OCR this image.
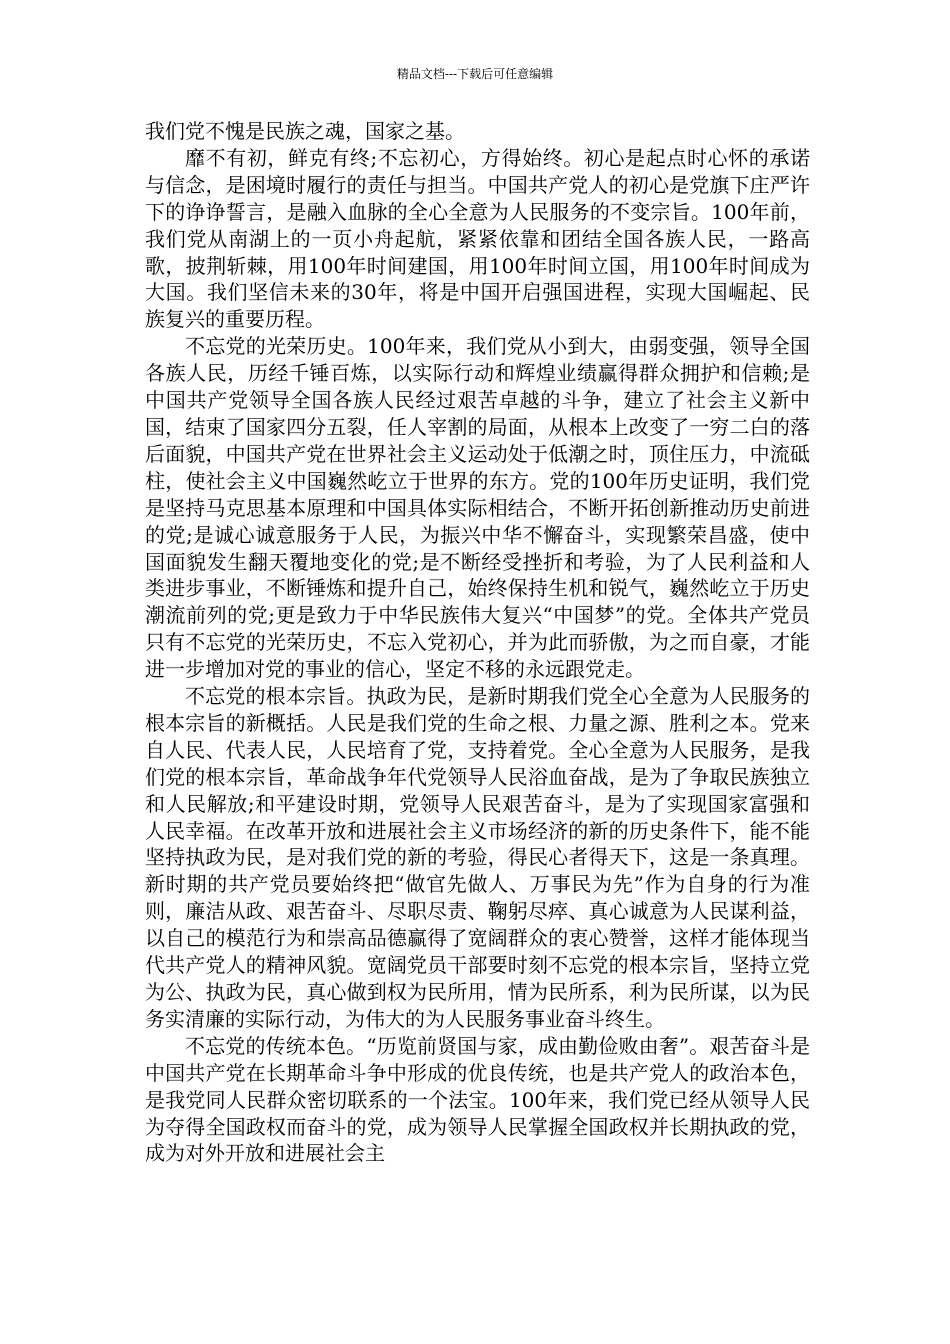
精品文档---下载后可任意编辑

我们党不愧是民族之魂，国家之基。

靡不有初，鲜克有终;不忘初心，方得始终。初心是起点时心怀的承诺与信念，是困境时履行的责任与担当。中国共产党人的初心是党旗下庄严许下的诤诤誓言，是融入血脉的全心全意为人民服务的不变宗旨。100年前，我们党从南湖上的一页小舟起航，紧紧依靠和团结全国各族人民，一路高歌，披荆斩棘，用100年时间建国，用100年时间立国，用100年时间成为大国。我们坚信未来的30年，将是中国开启强国进程，实现大国崛起、民族复兴的重要历程。

不忘党的光荣历史。100年来，我们党从小到大，由弱变强，领导全国各族人民，历经千锤百炼，以实际行动和辉煌业绩赢得群众拥护和信赖;是中国共产党领导全国各族人民经过艰苦卓越的斗争，建立了社会主义新中国，结束了国家四分五裂，任人宰割的局面，从根本上改变了一穷二白的落后面貌，中国共产党在世界社会主义运动处于低潮之时，顶住压力，中流砥柱，使社会主义中国巍然屹立于世界的东方。党的100年历史证明，我们党是坚持马克思基本原理和中国具体实际相结合，不断开拓创新推动历史前进的党;是诚心诚意服务于人民，为振兴中华不懈奋斗，实现繁荣昌盛，使中国面貌发生翻天覆地变化的党;是不断经受挫折和考验，为了人民利益和人类进步事业，不断锤炼和提升自己，始终保持生机和锐气，巍然屹立于历史潮流前列的党;更是致力于中华民族伟大复兴“中国梦”的党。全体共产党员只有不忘党的光荣历史，不忘入党初心，并为此而骄傲，为之而自豪，才能进一步增加对党的事业的信心，坚定不移的永远跟党走。

不忘党的根本宗旨。执政为民，是新时期我们党全心全意为人民服务的根本宗旨的新概括。人民是我们党的生命之根、力量之源、胜利之本。党来自人民、代表人民，人民培育了党，支持着党。全心全意为人民服务，是我们党的根本宗旨，革命战争年代党领导人民浴血奋战，是为了争取民族独立和人民解放;和平建设时期，党领导人民艰苦奋斗，是为了实现国家富强和人民幸福。在改革开放和进展社会主义市场经济的新的历史条件下，能不能坚持执政为民，是对我们党的新的考验，得民心者得天下，这是一条真理。新时期的共产党员要始终把“做官先做人、万事民为先”作为自身的行为准则，廉洁从政、艰苦奋斗、尽职尽责、鞠躬尽瘁、真心诚意为人民谋利益，以自己的模范行为和崇高品德赢得了宽阔群众的衷心赞誉，这样才能体现当代共产党人的精神风貌。宽阔党员干部要时刻不忘党的根本宗旨，坚持立党为公、执政为民，真心做到权为民所用，情为民所系，利为民所谋，以为民务实清廉的实际行动，为伟大的为人民服务事业奋斗终生。

不忘党的传统本色。“历览前贤国与家，成由勤俭败由奢”。艰苦奋斗是中国共产党在长期革命斗争中形成的优良传统，也是共产党人的政治本色，是我党同人民群众密切联系的一个法宝。100年来，我们党已经从领导人民为夺得全国政权而奋斗的党，成为领导人民掌握全国政权并长期执政的党，成为对外开放和进展社会主
